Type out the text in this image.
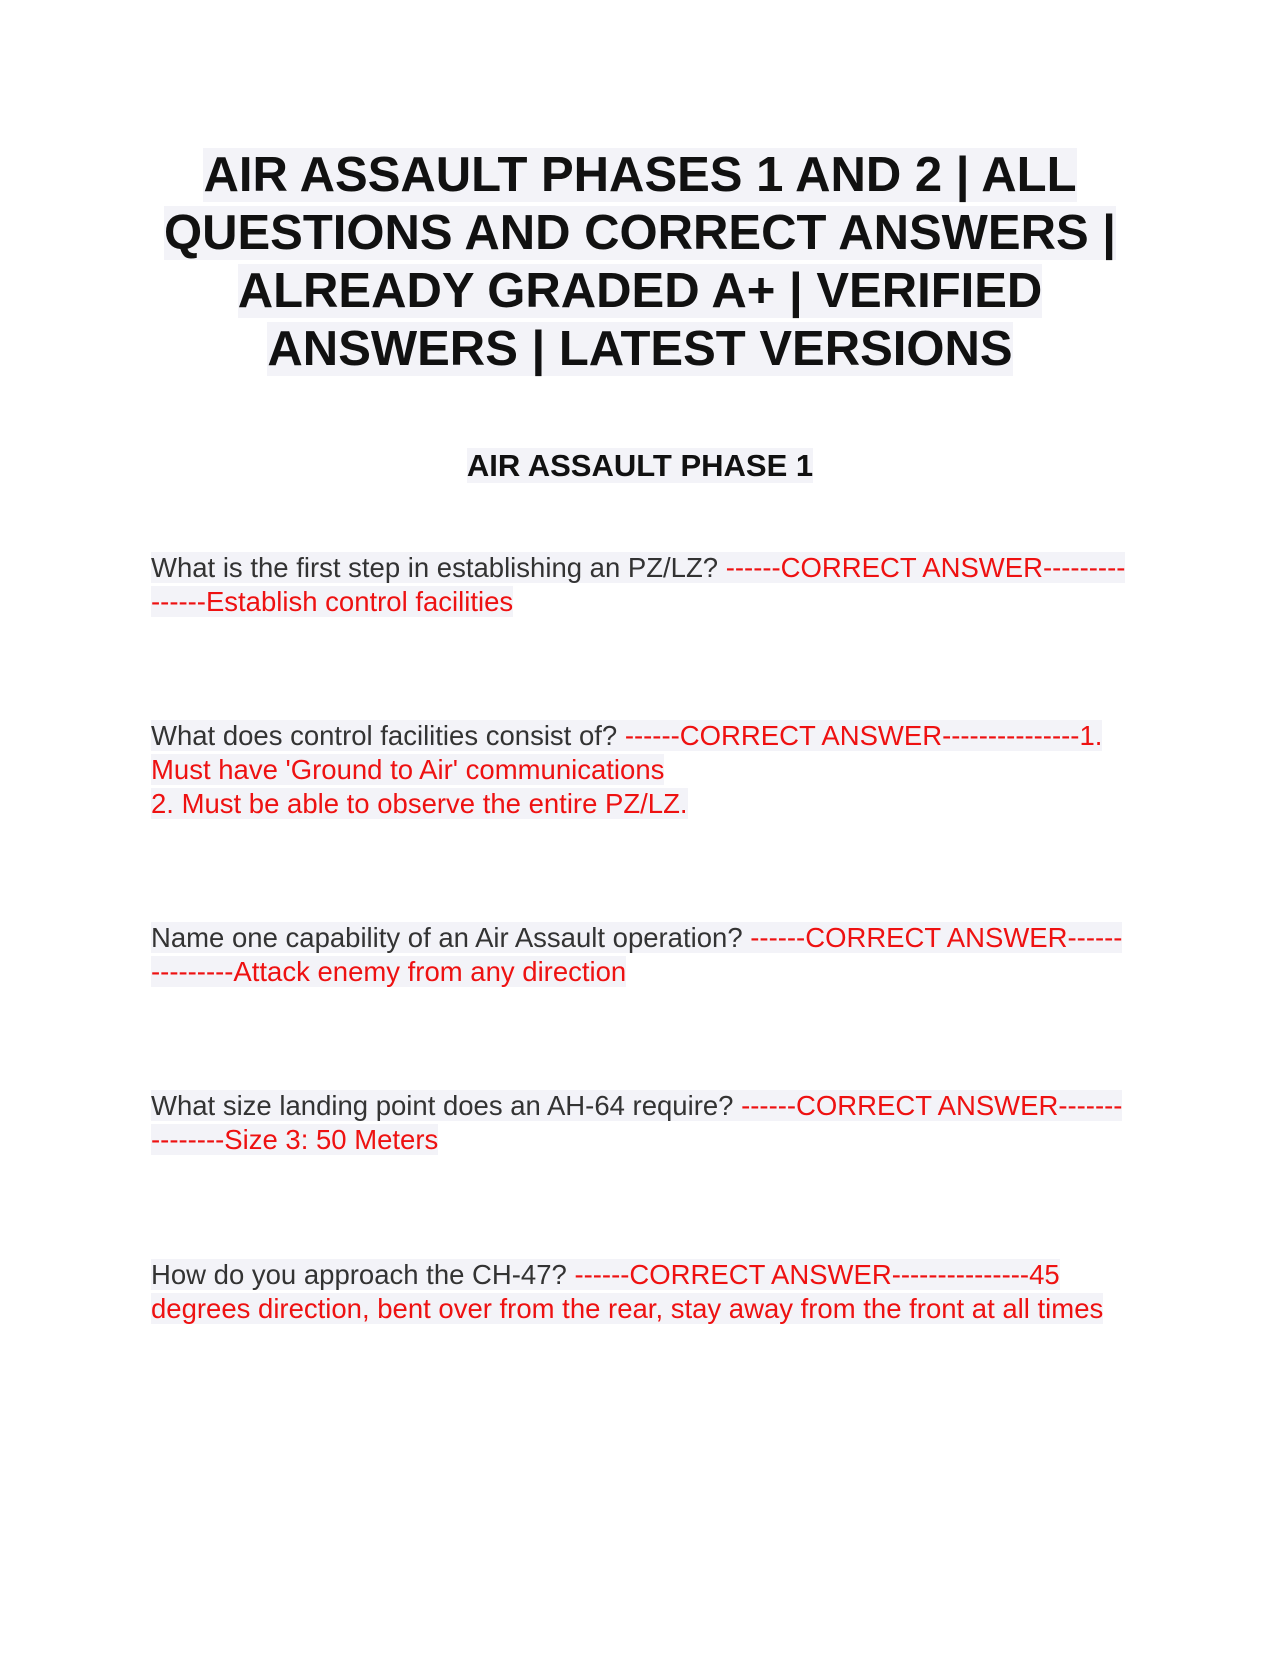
AIR ASSAULT PHASES 1 AND 2 | ALL QUESTIONS AND CORRECT ANSWERS | ALREADY GRADED A+ | VERIFIED ANSWERS | LATEST VERSIONS
AIR ASSAULT PHASE 1
What is the first step in establishing an PZ/LZ? ------CORRECT ANSWER---------------Establish control facilities
What does control facilities consist of? ------CORRECT ANSWER---------------1. Must have 'Ground to Air' communications
2. Must be able to observe the entire PZ/LZ.
Name one capability of an Air Assault operation? ------CORRECT ANSWER---------------Attack enemy from any direction
What size landing point does an AH-64 require? ------CORRECT ANSWER---------------Size 3: 50 Meters
How do you approach the CH-47? ------CORRECT ANSWER---------------45 degrees direction, bent over from the rear, stay away from the front at all times
